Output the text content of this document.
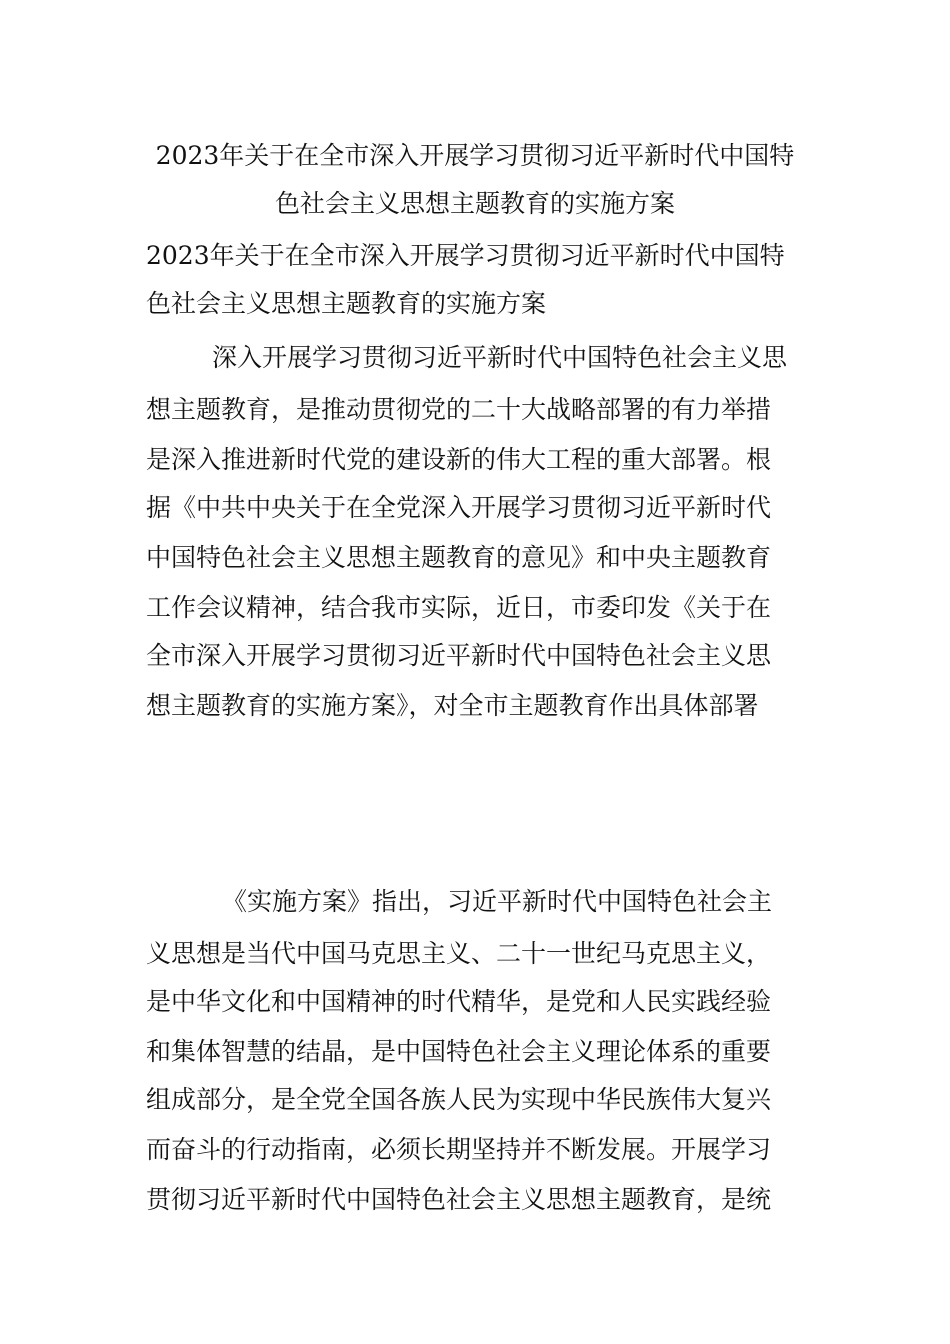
2023年关于在全市深入开展学习贯彻习近平新时代中国特
色社会主义思想主题教育的实施方案
2023年关于在全市深入开展学习贯彻习近平新时代中国特
色社会主义思想主题教育的实施方案
深入开展学习贯彻习近平新时代中国特色社会主义思
想主题教育，是推动贯彻党的二十大战略部署的有力举措
是深入推进新时代党的建设新的伟大工程的重大部署。根
据《中共中央关于在全党深入开展学习贯彻习近平新时代
中国特色社会主义思想主题教育的意见》和中央主题教育
工作会议精神，结合我市实际，近日，市委印发《关于在
全市深入开展学习贯彻习近平新时代中国特色社会主义思
想主题教育的实施方案》，对全市主题教育作出具体部署
《实施方案》指出，习近平新时代中国特色社会主
义思想是当代中国马克思主义、二十一世纪马克思主义，
是中华文化和中国精神的时代精华，是党和人民实践经验
和集体智慧的结晶，是中国特色社会主义理论体系的重要
组成部分，是全党全国各族人民为实现中华民族伟大复兴
而奋斗的行动指南，必须长期坚持并不断发展。开展学习
贯彻习近平新时代中国特色社会主义思想主题教育，是统
